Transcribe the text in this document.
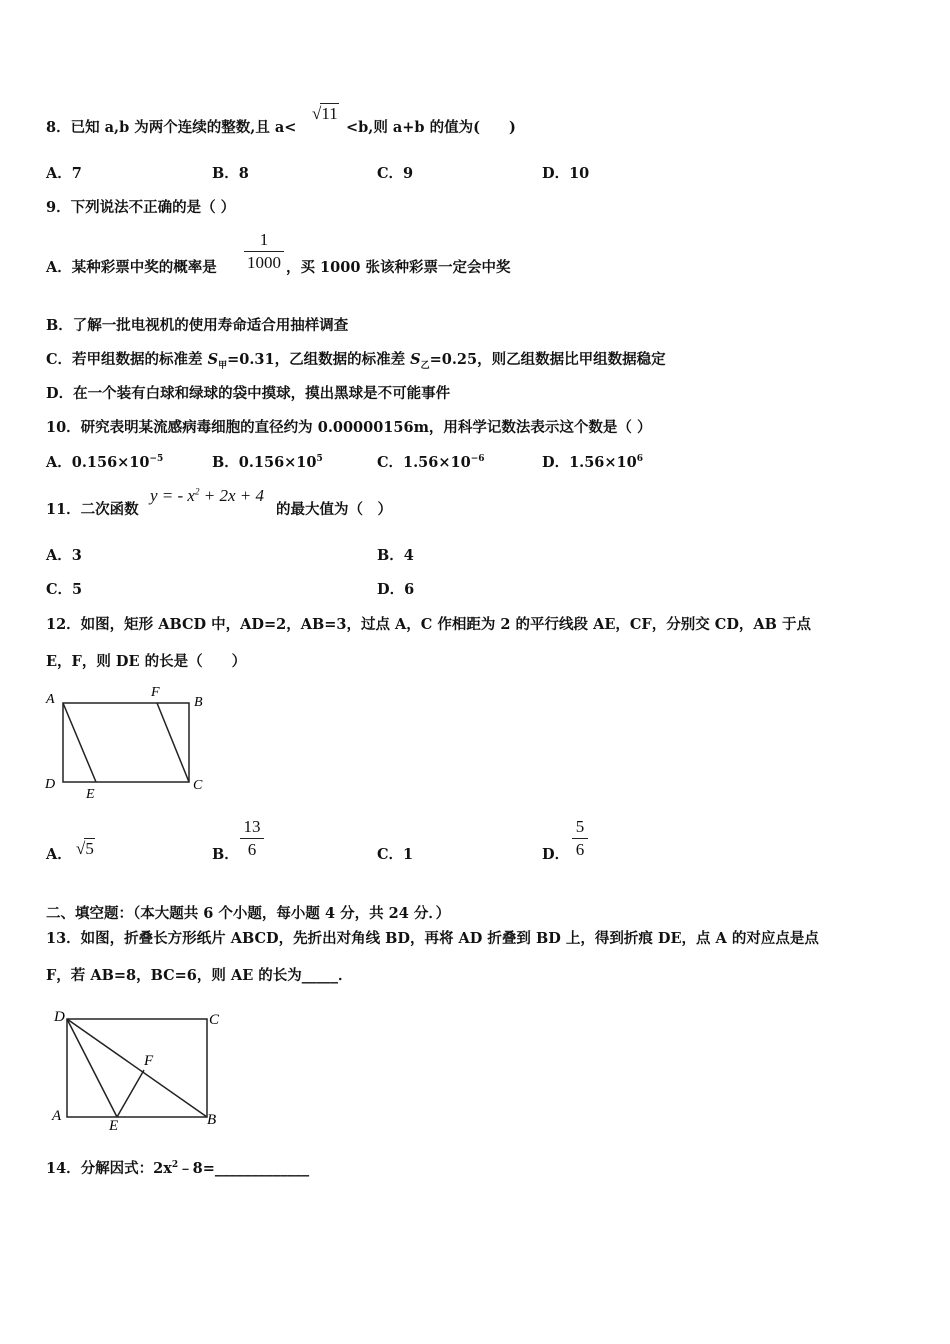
8．已知 a,b 为两个连续的整数,且 a<
√11
<b,则 a+b 的值为(　　)
A．7	B．8	C．9	D．10
9．下列说法不正确的是（ ）
A．某种彩票中奖的概率是
1
1000 ，买 1000 张该种彩票一定会中奖
B．了解一批电视机的使用寿命适合用抽样调查
C．若甲组数据的标准差 $S_甲=0.31$，乙组数据的标准差 $S_乙=0.25$，则乙组数据比甲组数据稳定
D．在一个装有白球和绿球的袋中摸球，摸出黑球是不可能事件
10．研究表明某流感病毒细胞的直径约为 0.00000156m，用科学记数法表示这个数是（ ）
A．$0.156\times 10^{-5}$	B．$0.156\times 10^5$	C．$1.56\times 10^{-6}$	D．$1.56\times 10^6$
11．二次函数
y = - $x^2 + 2x + 4$
的最大值为（　）
A．3	B．4
C．5	D．6
12．如图，矩形 ABCD 中，AD=2，AB=3，过点 A，C 作相距为 2 的平行线段 AE，CF，分别交 CD，AB 于点
E，F，则 DE 的长是（　　）
A	F
B
D
E
C
A． √5	B．
13
6	C．1	D．
5
6
二、填空题：（本大题共 6 个小题，每小题 4 分，共 24 分．）
13．如图，折叠长方形纸片 ABCD，先折出对角线 BD，再将 AD 折叠到 BD 上，得到折痕 DE，点 A 的对应点是点
F，若 AB=8，BC=6，则 AE 的长为_____．
D	C
F
A
E	B
14．分解因式：$2x^2﹣8=\_\_\_\_\_\_\_\_\_\_\_\_\_$
